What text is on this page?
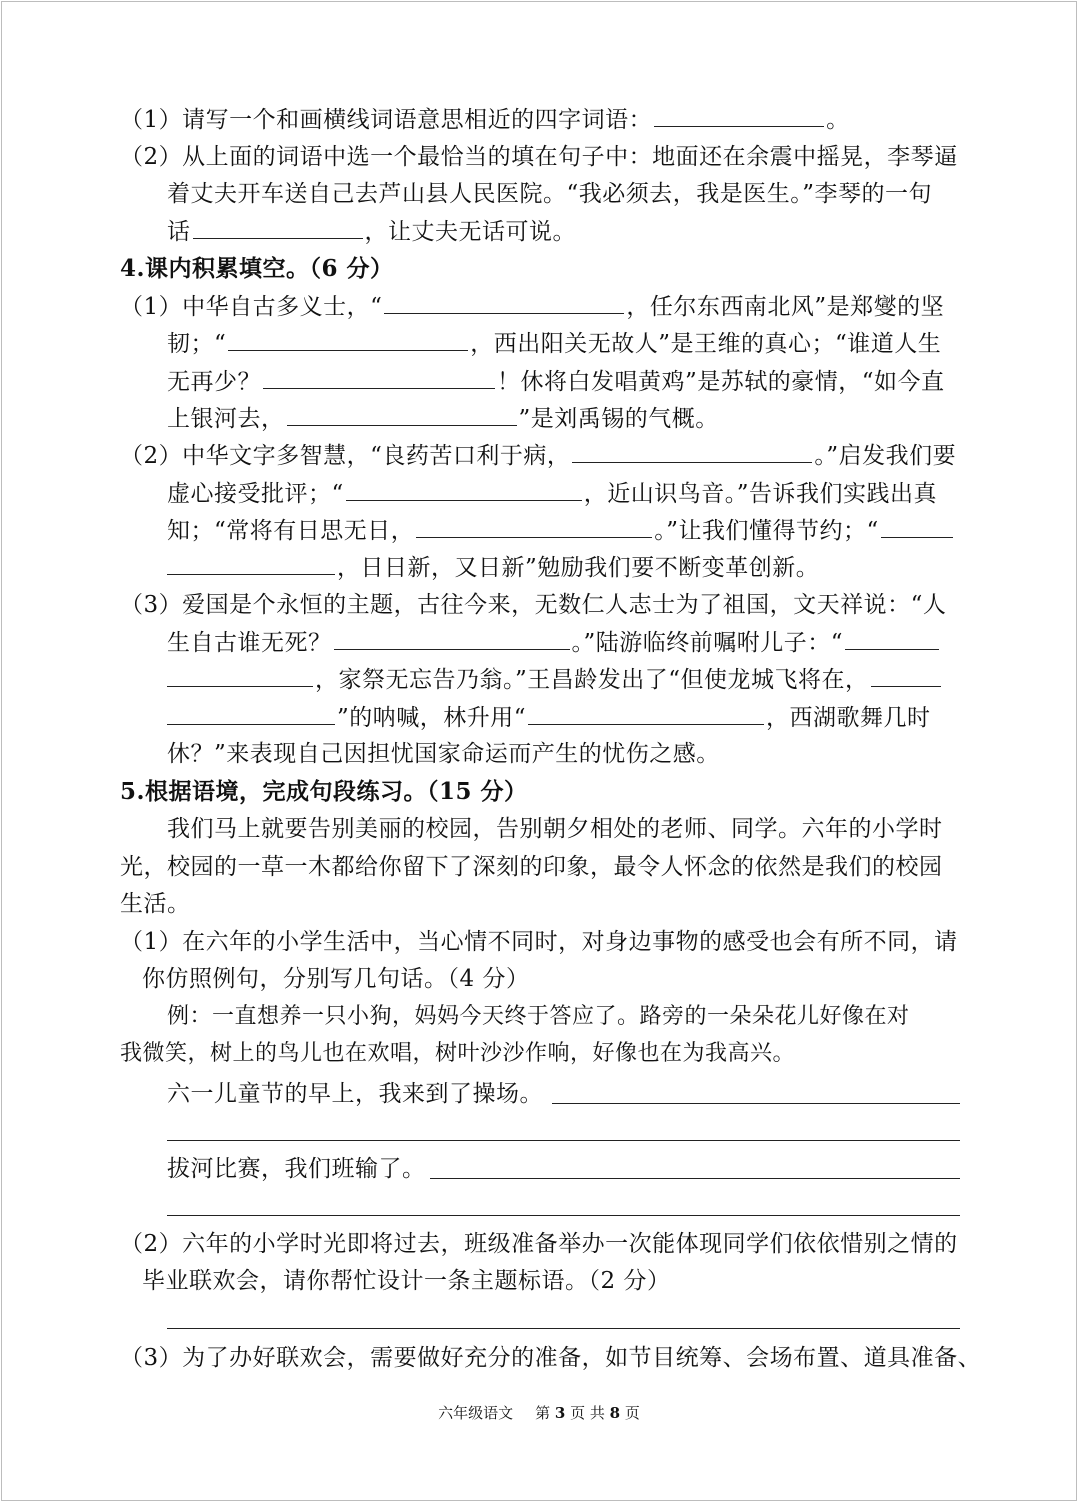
（1）请写一个和画横线词语意思相近的四字词语：	。
（2）从上面的词语中选一个最恰当的填在句子中：地面还在余震中摇晃，李琴逼
着丈夫开车送自己去芦山县人民医院。“我必须去，我是医生。”李琴的一句
话	，让丈夫无话可说。
4.课内积累填空。（6 分）
（1）中华自古多义士，“	，任尔东西南北风”是郑燮的坚
韧；“	，西出阳关无故人”是王维的真心；“谁道人生
无再少？	！休将白发唱黄鸡”是苏轼的豪情，“如今直
上银河去，	”是刘禹锡的气概。
（2）中华文字多智慧，“良药苦口利于病，	。”启发我们要
虚心接受批评；“	，近山识鸟音。”告诉我们实践出真
知；“常将有日思无日，	。”让我们懂得节约；“
，日日新，又日新”勉励我们要不断变革创新。
（3）爱国是个永恒的主题，古往今来，无数仁人志士为了祖国，文天祥说：“人
生自古谁无死？	。”陆游临终前嘱咐儿子：“
，家祭无忘告乃翁。”王昌龄发出了“但使龙城飞将在，
”的呐喊，林升用“	，西湖歌舞几时
休？”来表现自己因担忧国家命运而产生的忧伤之感。
5.根据语境，完成句段练习。（15 分）
我们马上就要告别美丽的校园，告别朝夕相处的老师、同学。六年的小学时
光，校园的一草一木都给你留下了深刻的印象，最令人怀念的依然是我们的校园
生活。
（1）在六年的小学生活中，当心情不同时，对身边事物的感受也会有所不同，请
你仿照例句，分别写几句话。（4 分）
例：一直想养一只小狗，妈妈今天终于答应了。路旁的一朵朵花儿好像在对
我微笑，树上的鸟儿也在欢唱，树叶沙沙作响，好像也在为我高兴。
六一儿童节的早上，我来到了操场。
拔河比赛，我们班输了。
（2）六年的小学时光即将过去，班级准备举办一次能体现同学们依依惜别之情的
毕业联欢会，请你帮忙设计一条主题标语。（2 分）
（3）为了办好联欢会，需要做好充分的准备，如节目统筹、会场布置、道具准备、
六年级语文 第 3 页 共 8 页
